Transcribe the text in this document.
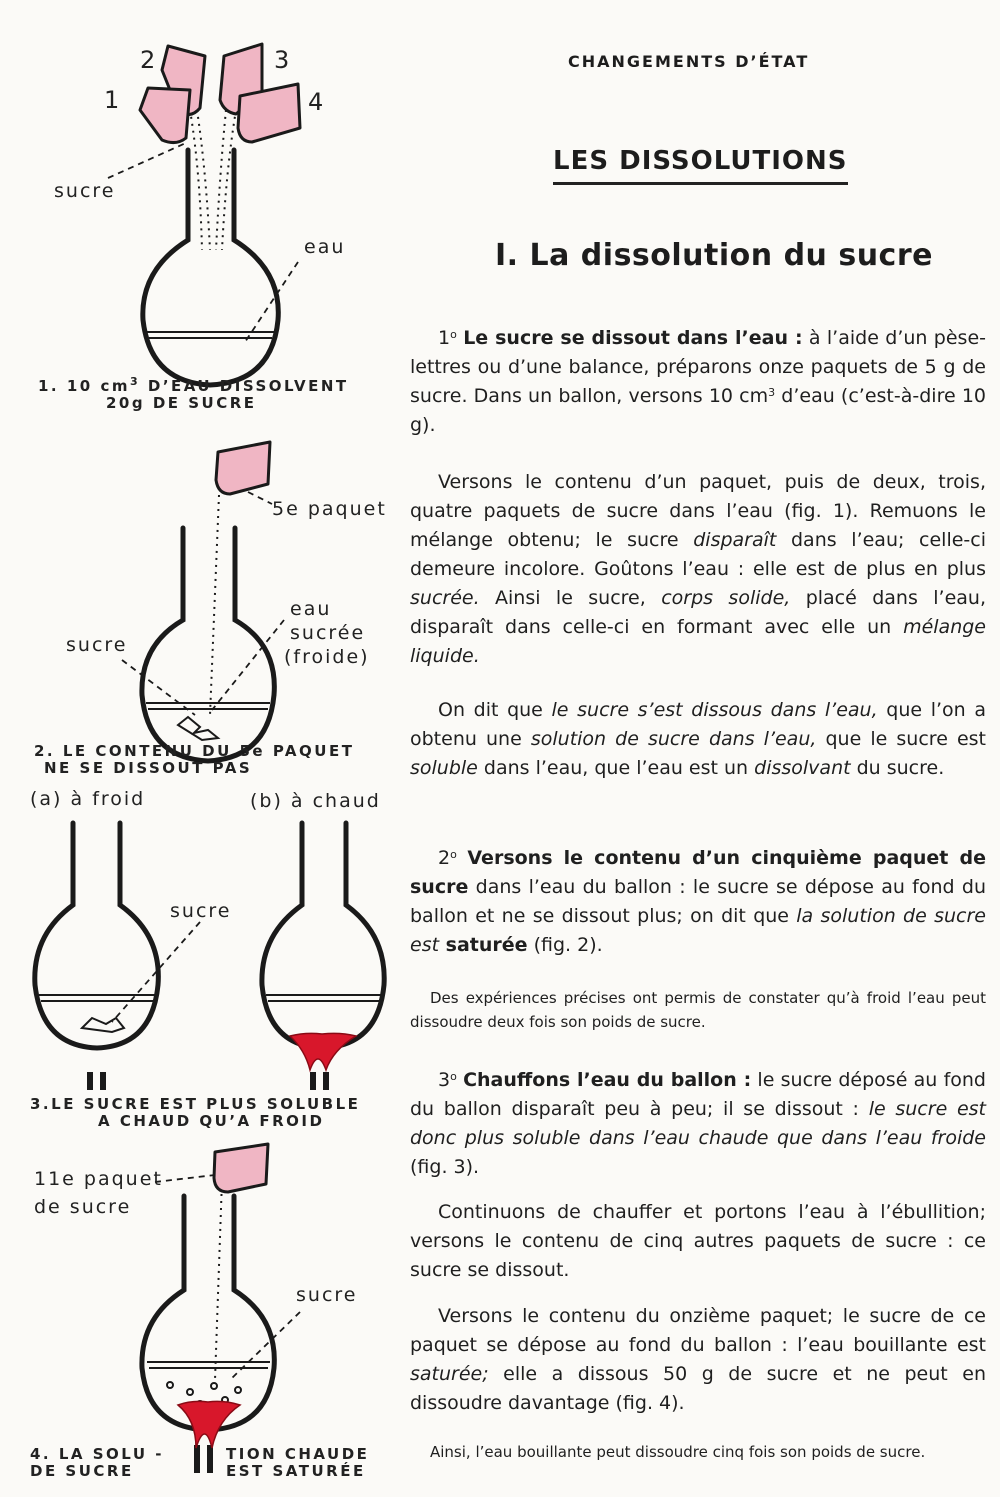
2	3
1	4
sucre
eau
1. 10 $cm^3$ D’EAU DISSOLVENT
20g DE SUCRE
5e paquet
sucre
eau
sucrée
(froide)
2. LE CONTENU DU 5e PAQUET
NE SE DISSOUT PAS
(a) à froid	(b) à chaud
sucre
3.LE SUCRE EST PLUS SOLUBLE
A CHAUD QU’A FROID
11e paquet
de sucre
sucre
4. LA SOLU -
DE SUCRE
TION CHAUDE
EST SATURÉE
CHANGEMENTS D’ÉTAT
LES DISSOLUTIONS
I. La dissolution du sucre

1$^o$ Le sucre se dissout dans l’eau : à l’aide d’un pèse-lettres ou d’une balance, préparons onze paquets de 5 g de sucre. Dans un ballon, versons 10 $cm^3$ d’eau (c’est-à-dire 10 g).

Versons le contenu d’un paquet, puis de deux, trois, quatre paquets de sucre dans l’eau (fig. 1). Remuons le mélange obtenu; le sucre disparaît dans l’eau; celle-ci demeure incolore. Goûtons l’eau : elle est de plus en plus sucrée. Ainsi le sucre, corps solide, placé dans l’eau, disparaît dans celle-ci en formant avec elle un mélange liquide.

On dit que le sucre s’est dissous dans l’eau, que l’on a obtenu une solution de sucre dans l’eau, que le sucre est soluble dans l’eau, que l’eau est un dissolvant du sucre.

2$^o$ Versons le contenu d’un cinquième paquet de sucre dans l’eau du ballon : le sucre se dépose au fond du ballon et ne se dissout plus; on dit que la solution de sucre est saturée (fig. 2).

Des expériences précises ont permis de constater qu’à froid l’eau peut dissoudre deux fois son poids de sucre.

3$^o$ Chauffons l’eau du ballon : le sucre déposé au fond du ballon disparaît peu à peu; il se dissout : le sucre est donc plus soluble dans l’eau chaude que dans l’eau froide (fig. 3).

Continuons de chauffer et portons l’eau à l’ébullition; versons le contenu de cinq autres paquets de sucre : ce sucre se dissout.

Versons le contenu du onzième paquet; le sucre de ce paquet se dépose au fond du ballon : l’eau bouillante est saturée; elle a dissous 50 g de sucre et ne peut en dissoudre davantage (fig. 4).

Ainsi, l’eau bouillante peut dissoudre cinq fois son poids de sucre.
